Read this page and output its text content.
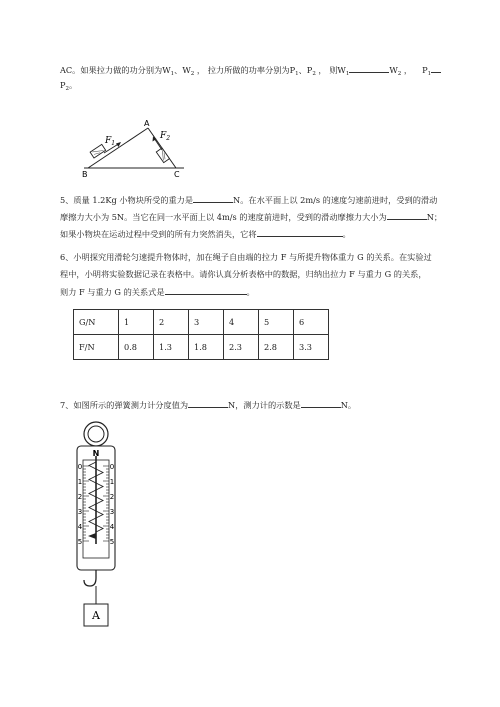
AC。如果拉力做的功分别为$W_1$、$W_2$ ， 拉力所做的功率分别为$P_1$、$P_2$ ， 则$W_1$	$W_2$ ， $P_1$
$P_2$。
$F_1$
$F_2$
A
B	C
5、质量 1.2Kg 小物块所受的重力是	N。在水平面上以 2m/s 的速度匀速前进时，受到的滑动
摩擦力大小为 5N。当它在同一水平面上以 4m/s 的速度前进时，受到的滑动摩擦力大小为	N；
如果小物块在运动过程中受到的所有力突然消失，它将	。
6、小明探究用滑轮匀速提升物体时，加在绳子自由端的拉力 F 与所提升物体重力 G 的关系。在实验过
程中，小明将实验数据记录在表格中。请你认真分析表格中的数据，归纳出拉力 F 与重力 G 的关系，
则力 F 与重力 G 的关系式是	。
G/N	1	2	3	4	5	6
F/N	0.8	1.3	1.8	2.3	2.8	3.3
7、如图所示的弹簧测力计分度值为	N，测力计的示数是	N。
0	0
1	1
2	2
3	3
4	4
5	5
N
A
